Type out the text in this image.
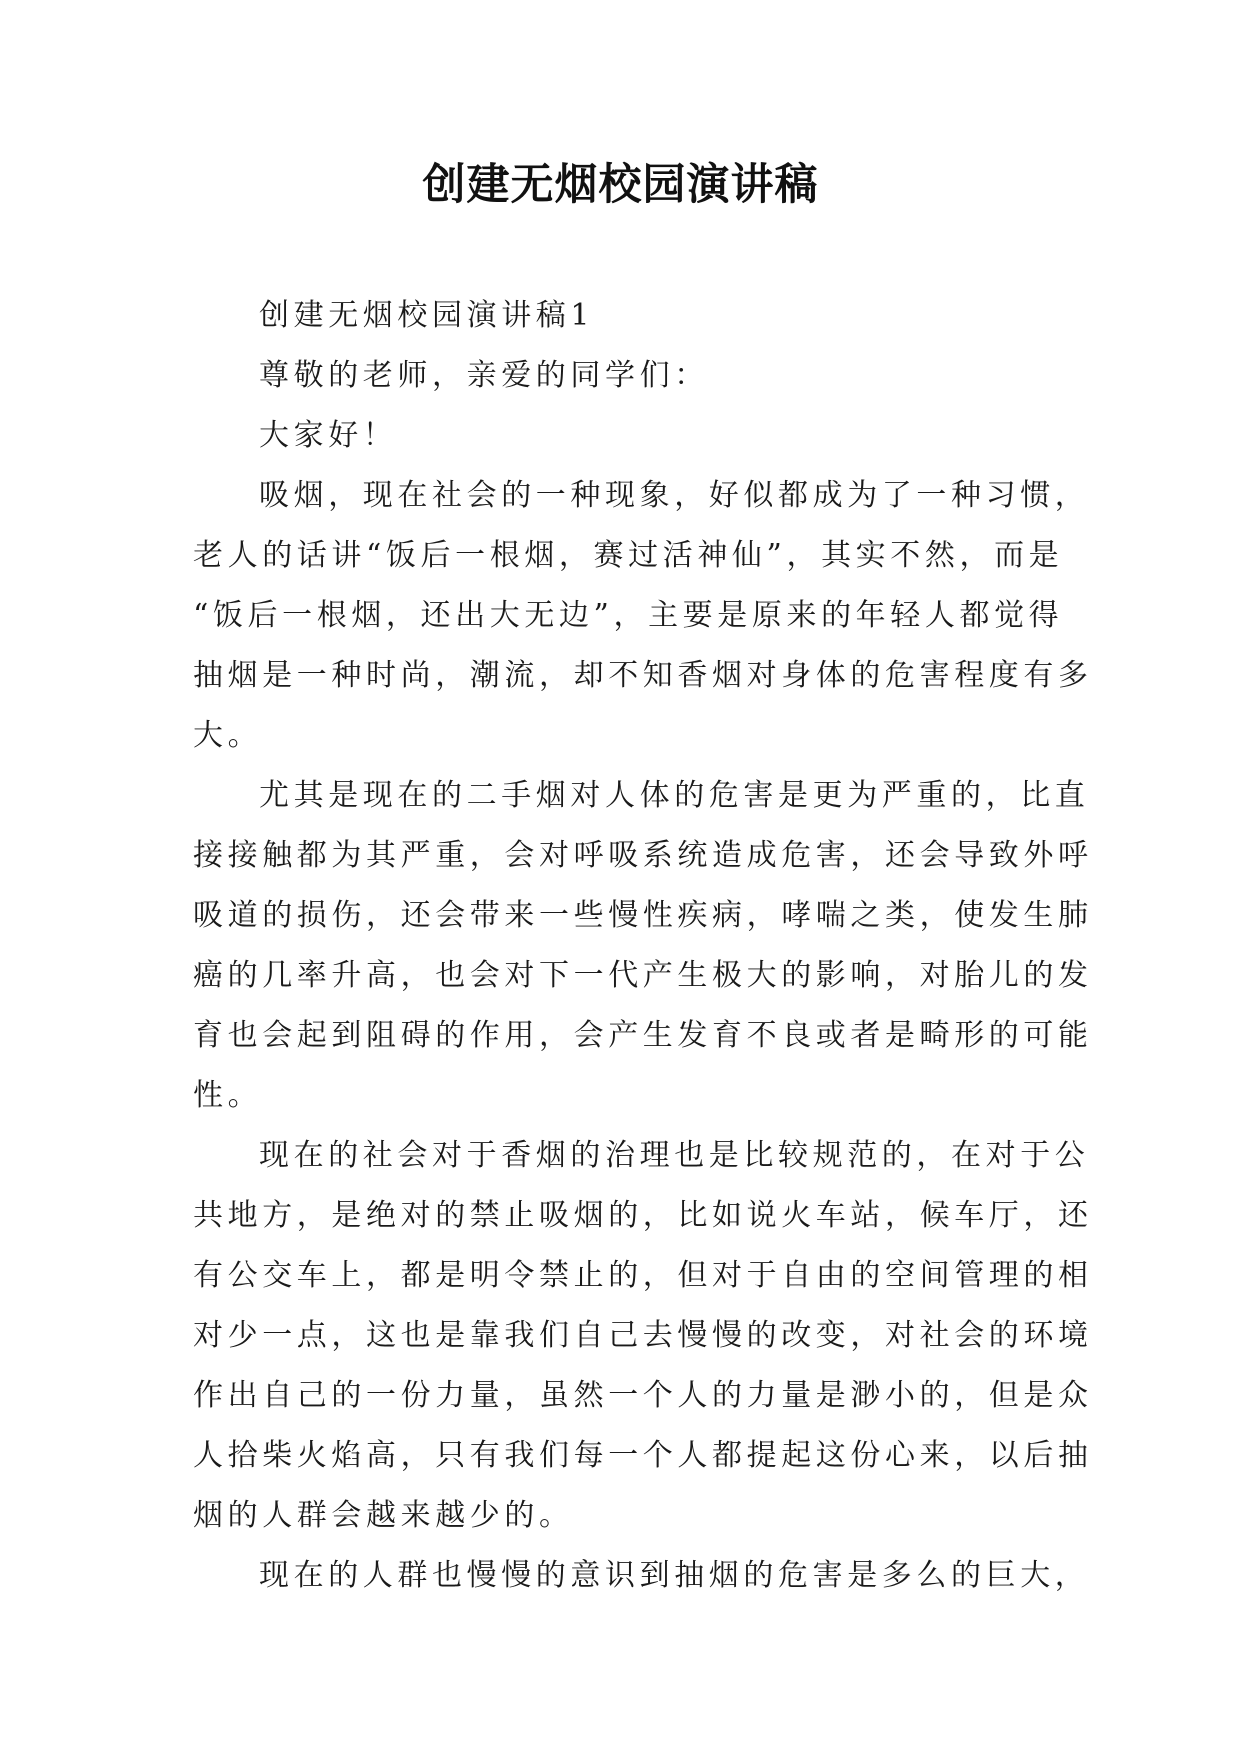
创建无烟校园演讲稿
创建无烟校园演讲稿1
尊敬的老师，亲爱的同学们：
大家好！
吸烟，现在社会的一种现象，好似都成为了一种习惯，
老人的话讲“饭后一根烟，赛过活神仙”，其实不然，而是
“饭后一根烟，还出大无边”，主要是原来的年轻人都觉得
抽烟是一种时尚，潮流，却不知香烟对身体的危害程度有多
大。
尤其是现在的二手烟对人体的危害是更为严重的，比直
接接触都为其严重，会对呼吸系统造成危害，还会导致外呼
吸道的损伤，还会带来一些慢性疾病，哮喘之类，使发生肺
癌的几率升高，也会对下一代产生极大的影响，对胎儿的发
育也会起到阻碍的作用，会产生发育不良或者是畸形的可能
性。
现在的社会对于香烟的治理也是比较规范的，在对于公
共地方，是绝对的禁止吸烟的，比如说火车站，候车厅，还
有公交车上，都是明令禁止的，但对于自由的空间管理的相
对少一点，这也是靠我们自己去慢慢的改变，对社会的环境
作出自己的一份力量，虽然一个人的力量是渺小的，但是众
人拾柴火焰高，只有我们每一个人都提起这份心来，以后抽
烟的人群会越来越少的。
现在的人群也慢慢的意识到抽烟的危害是多么的巨大，
